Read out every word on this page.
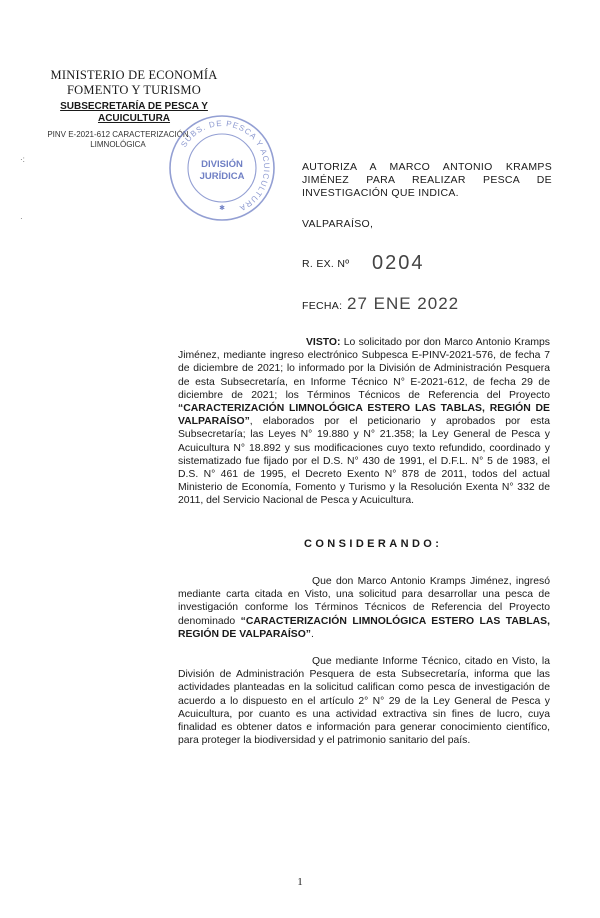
MINISTERIO DE ECONOMÍA
FOMENTO Y TURISMO
SUBSECRETARÍA DE PESCA Y
ACUICULTURA
PINV E-2021-612 CARACTERIZACIÓN
LIMNOLÓGICA
·:
·
SUBS. DE PESCA Y ACUICULTURA
DIVISIÓN
JURÍDICA
✱
AUTORIZA A MARCO ANTONIO KRAMPS JIMÉNEZ PARA REALIZAR PESCA DE INVESTIGACIÓN QUE INDICA.
VALPARAÍSO,
R. EX. Nº 0204
FECHA: 27 ENE 2022
VISTO: Lo solicitado por don Marco Antonio Kramps Jiménez, mediante ingreso electrónico Subpesca E-PINV-2021-576, de fecha 7 de diciembre de 2021; lo informado por la División de Administración Pesquera de esta Subsecretaría, en Informe Técnico N° E-2021-612, de fecha 29 de diciembre de 2021; los Términos Técnicos de Referencia del Proyecto “CARACTERIZACIÓN LIMNOLÓGICA ESTERO LAS TABLAS, REGIÓN DE VALPARAÍSO”, elaborados por el peticionario y aprobados por esta Subsecretaría; las Leyes N° 19.880 y N° 21.358; la Ley General de Pesca y Acuicultura N° 18.892 y sus modificaciones cuyo texto refundido, coordinado y sistematizado fue fijado por el D.S. N° 430 de 1991, el D.F.L. N° 5 de 1983, el D.S. N° 461 de 1995, el Decreto Exento N° 878 de 2011, todos del actual Ministerio de Economía, Fomento y Turismo y la Resolución Exenta N° 332 de 2011, del Servicio Nacional de Pesca y Acuicultura.
CONSIDERANDO:
Que don Marco Antonio Kramps Jiménez, ingresó mediante carta citada en Visto, una solicitud para desarrollar una pesca de investigación conforme los Términos Técnicos de Referencia del Proyecto denominado “CARACTERIZACIÓN LIMNOLÓGICA ESTERO LAS TABLAS, REGIÓN DE VALPARAÍSO”.
Que mediante Informe Técnico, citado en Visto, la División de Administración Pesquera de esta Subsecretaría, informa que las actividades planteadas en la solicitud califican como pesca de investigación de acuerdo a lo dispuesto en el artículo 2° N° 29 de la Ley General de Pesca y Acuicultura, por cuanto es una actividad extractiva sin fines de lucro, cuya finalidad es obtener datos e información para generar conocimiento científico, para proteger la biodiversidad y el patrimonio sanitario del país.
1
